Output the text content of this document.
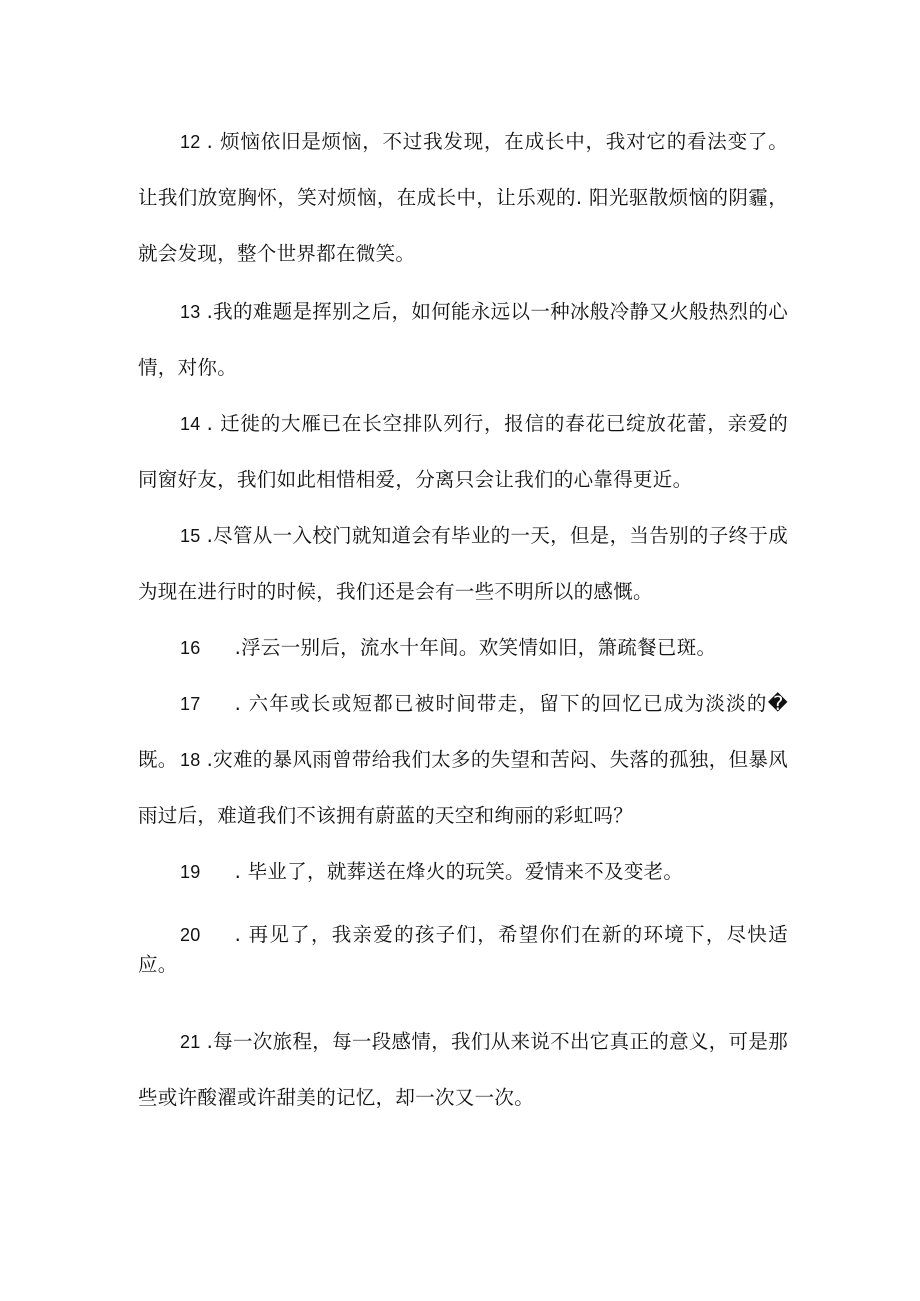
12 . 烦恼依旧是烦恼，不过我发现，在成长中，我对它的看法变了。让我们放宽胸怀，笑对烦恼，在成长中，让乐观的. 阳光驱散烦恼的阴霾，就会发现，整个世界都在微笑。

13 .我的难题是挥别之后，如何能永远以一种冰般冷静又火般热烈的心情，对你。

14 . 迁徙的大雁已在长空排队列行，报信的春花已绽放花蕾，亲爱的同窗好友，我们如此相惜相爱，分离只会让我们的心靠得更近。

15 .尽管从一入校门就知道会有毕业的一天，但是，当告别的子终于成为现在进行时的时候，我们还是会有一些不明所以的感慨。

16 .浮云一别后，流水十年间。欢笑情如旧，箫疏餐已斑。

17 . 六年或长或短都已被时间带走，留下的回忆已成为淡淡的�既。 18 .灾难的暴风雨曾带给我们太多的失望和苦闷、失落的孤独，但暴风雨过后，难道我们不该拥有蔚蓝的天空和绚丽的彩虹吗？

19 . 毕业了，就葬送在烽火的玩笑。爱情来不及变老。

20 . 再见了，我亲爱的孩子们，希望你们在新的环境下，尽快适应。

21 .每一次旅程，每一段感情，我们从来说不出它真正的意义，可是那些或许酸濯或许甜美的记忆，却一次又一次。
